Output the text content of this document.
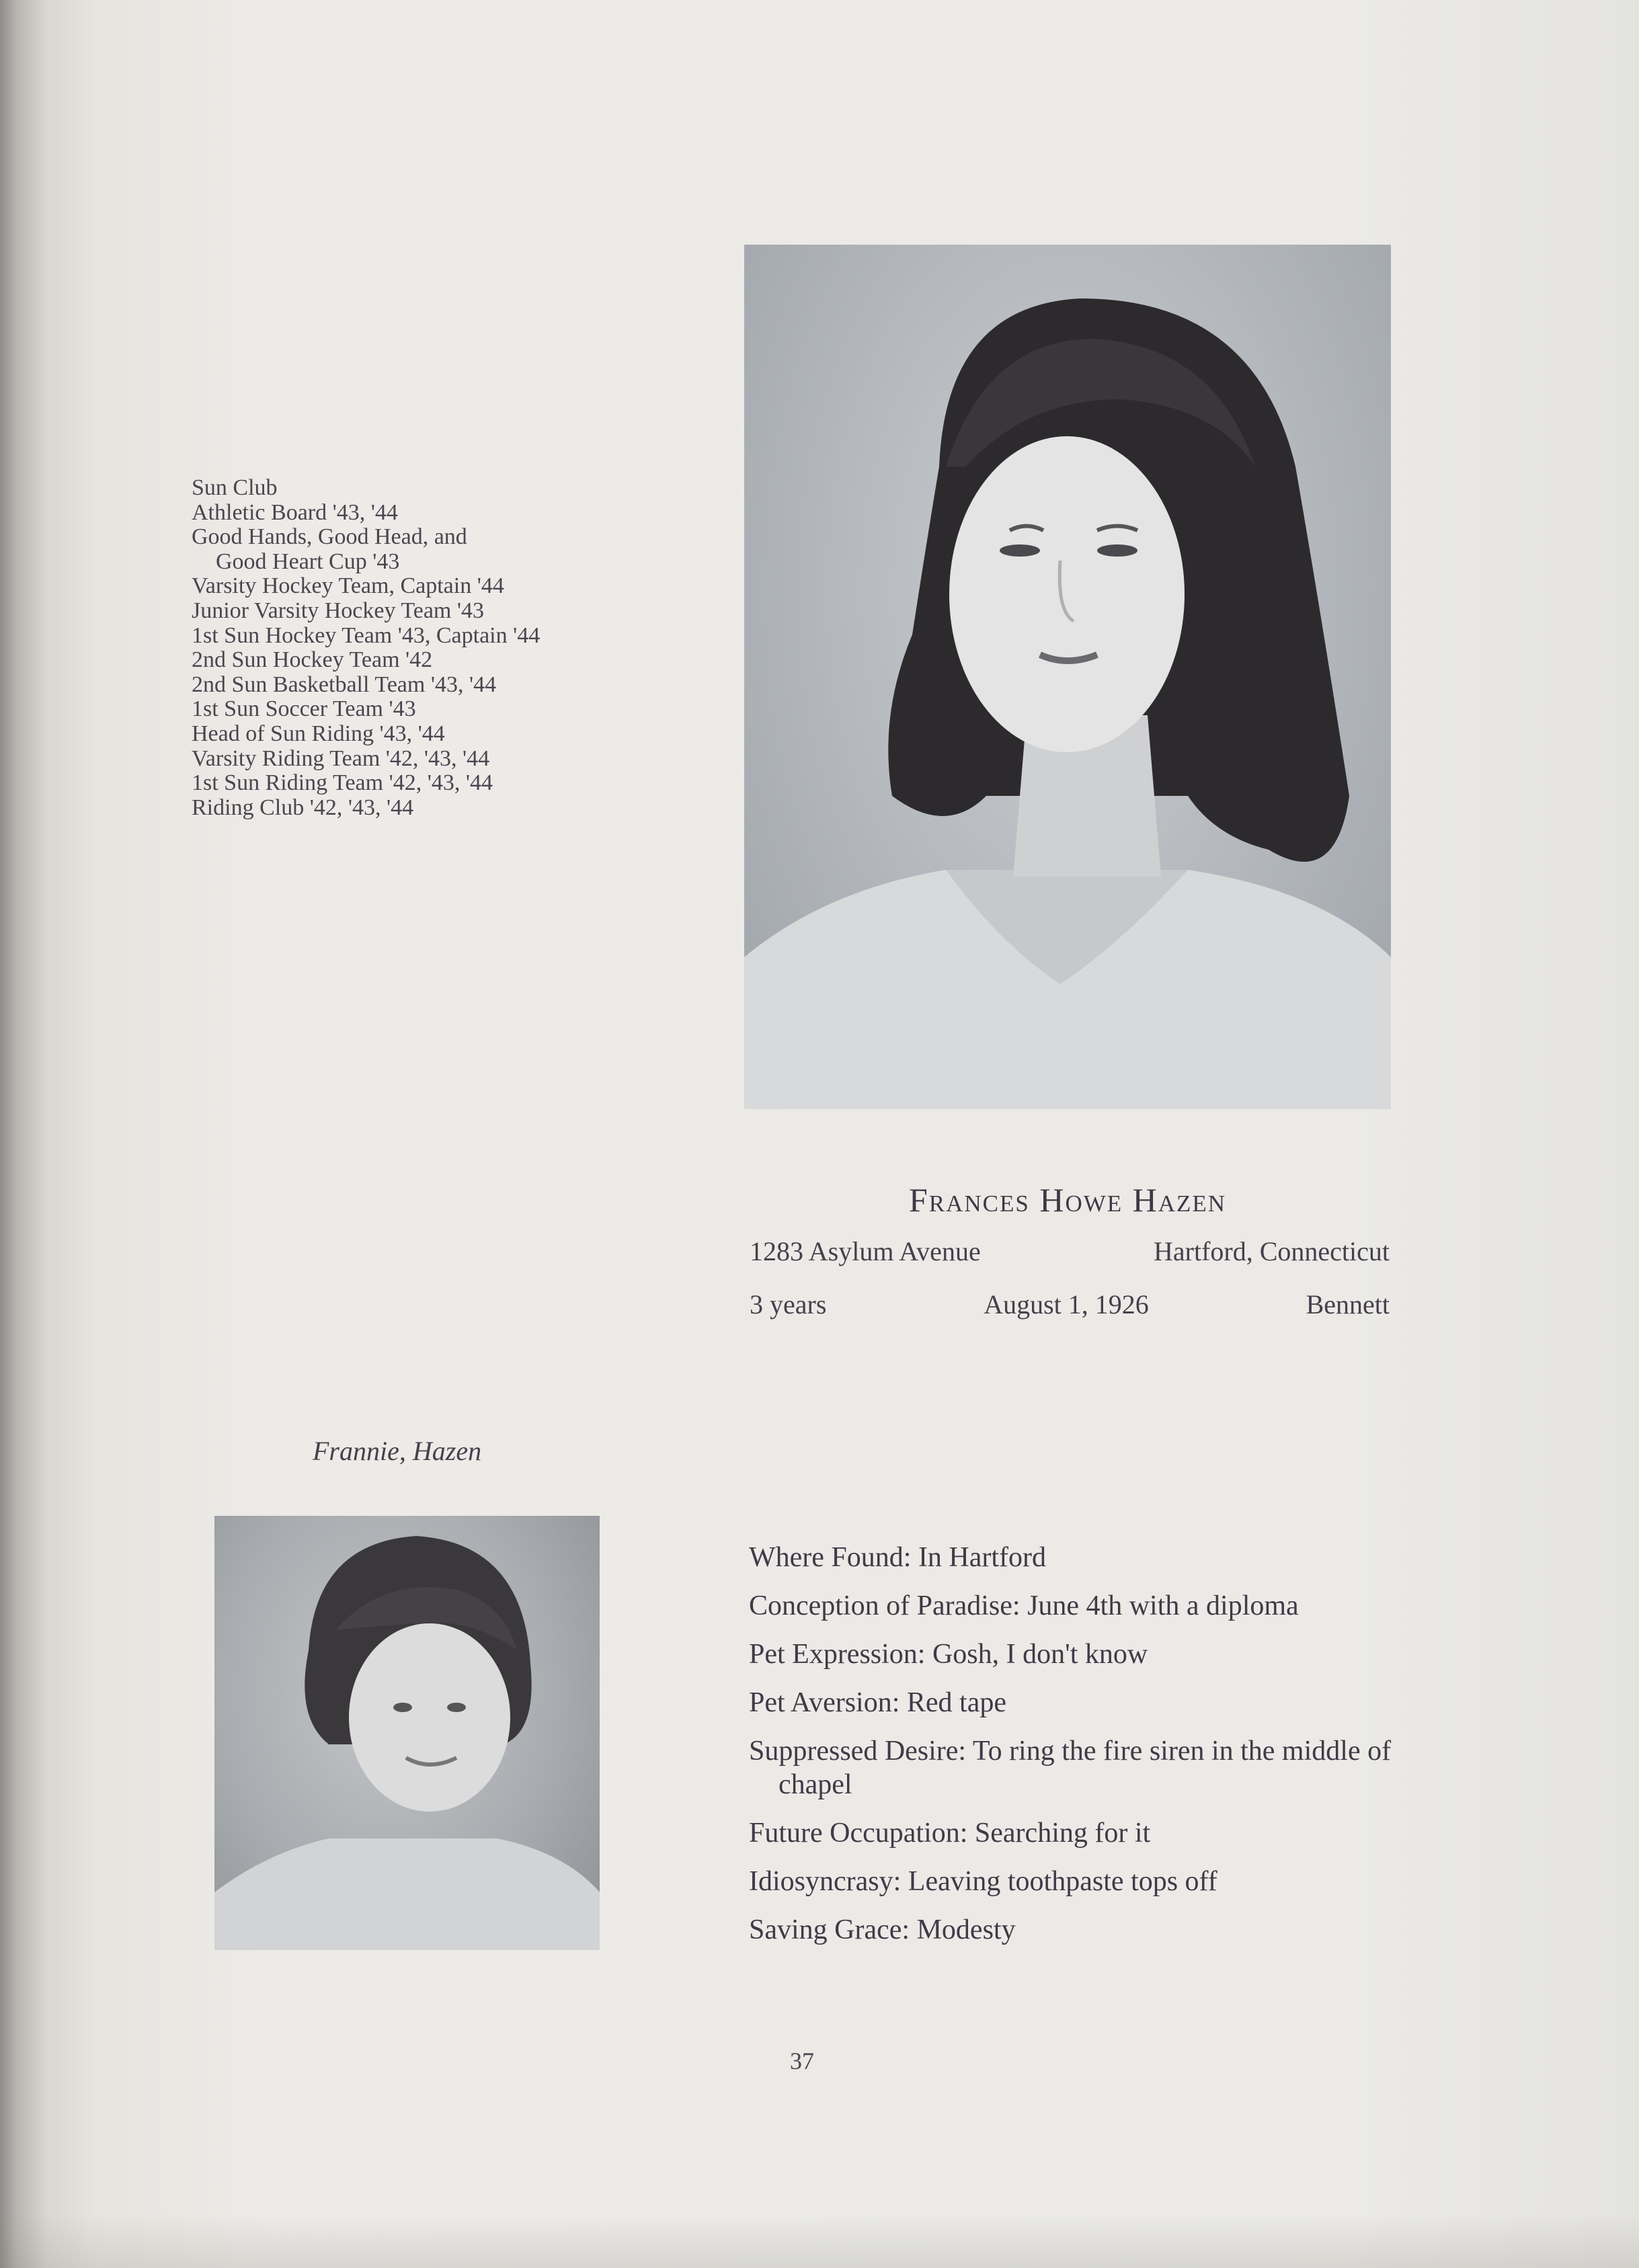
Sun Club
Athletic Board '43, '44
Good Hands, Good Head, and
Good Heart Cup '43
Varsity Hockey Team, Captain '44
Junior Varsity Hockey Team '43
1st Sun Hockey Team '43, Captain '44
2nd Sun Hockey Team '42
2nd Sun Basketball Team '43, '44
1st Sun Soccer Team '43
Head of Sun Riding '43, '44
Varsity Riding Team '42, '43, '44
1st Sun Riding Team '42, '43, '44
Riding Club '42, '43, '44
Frances Howe Hazen
1283 Asylum Avenue	Hartford, Connecticut
3 years	August 1, 1926	Bennett
Frannie, Hazen
Where Found: In Hartford
Conception of Paradise: June 4th with a diploma
Pet Expression: Gosh, I don't know
Pet Aversion: Red tape
Suppressed Desire: To ring the fire siren in the middle of chapel
Future Occupation: Searching for it
Idiosyncrasy: Leaving toothpaste tops off
Saving Grace: Modesty
37
